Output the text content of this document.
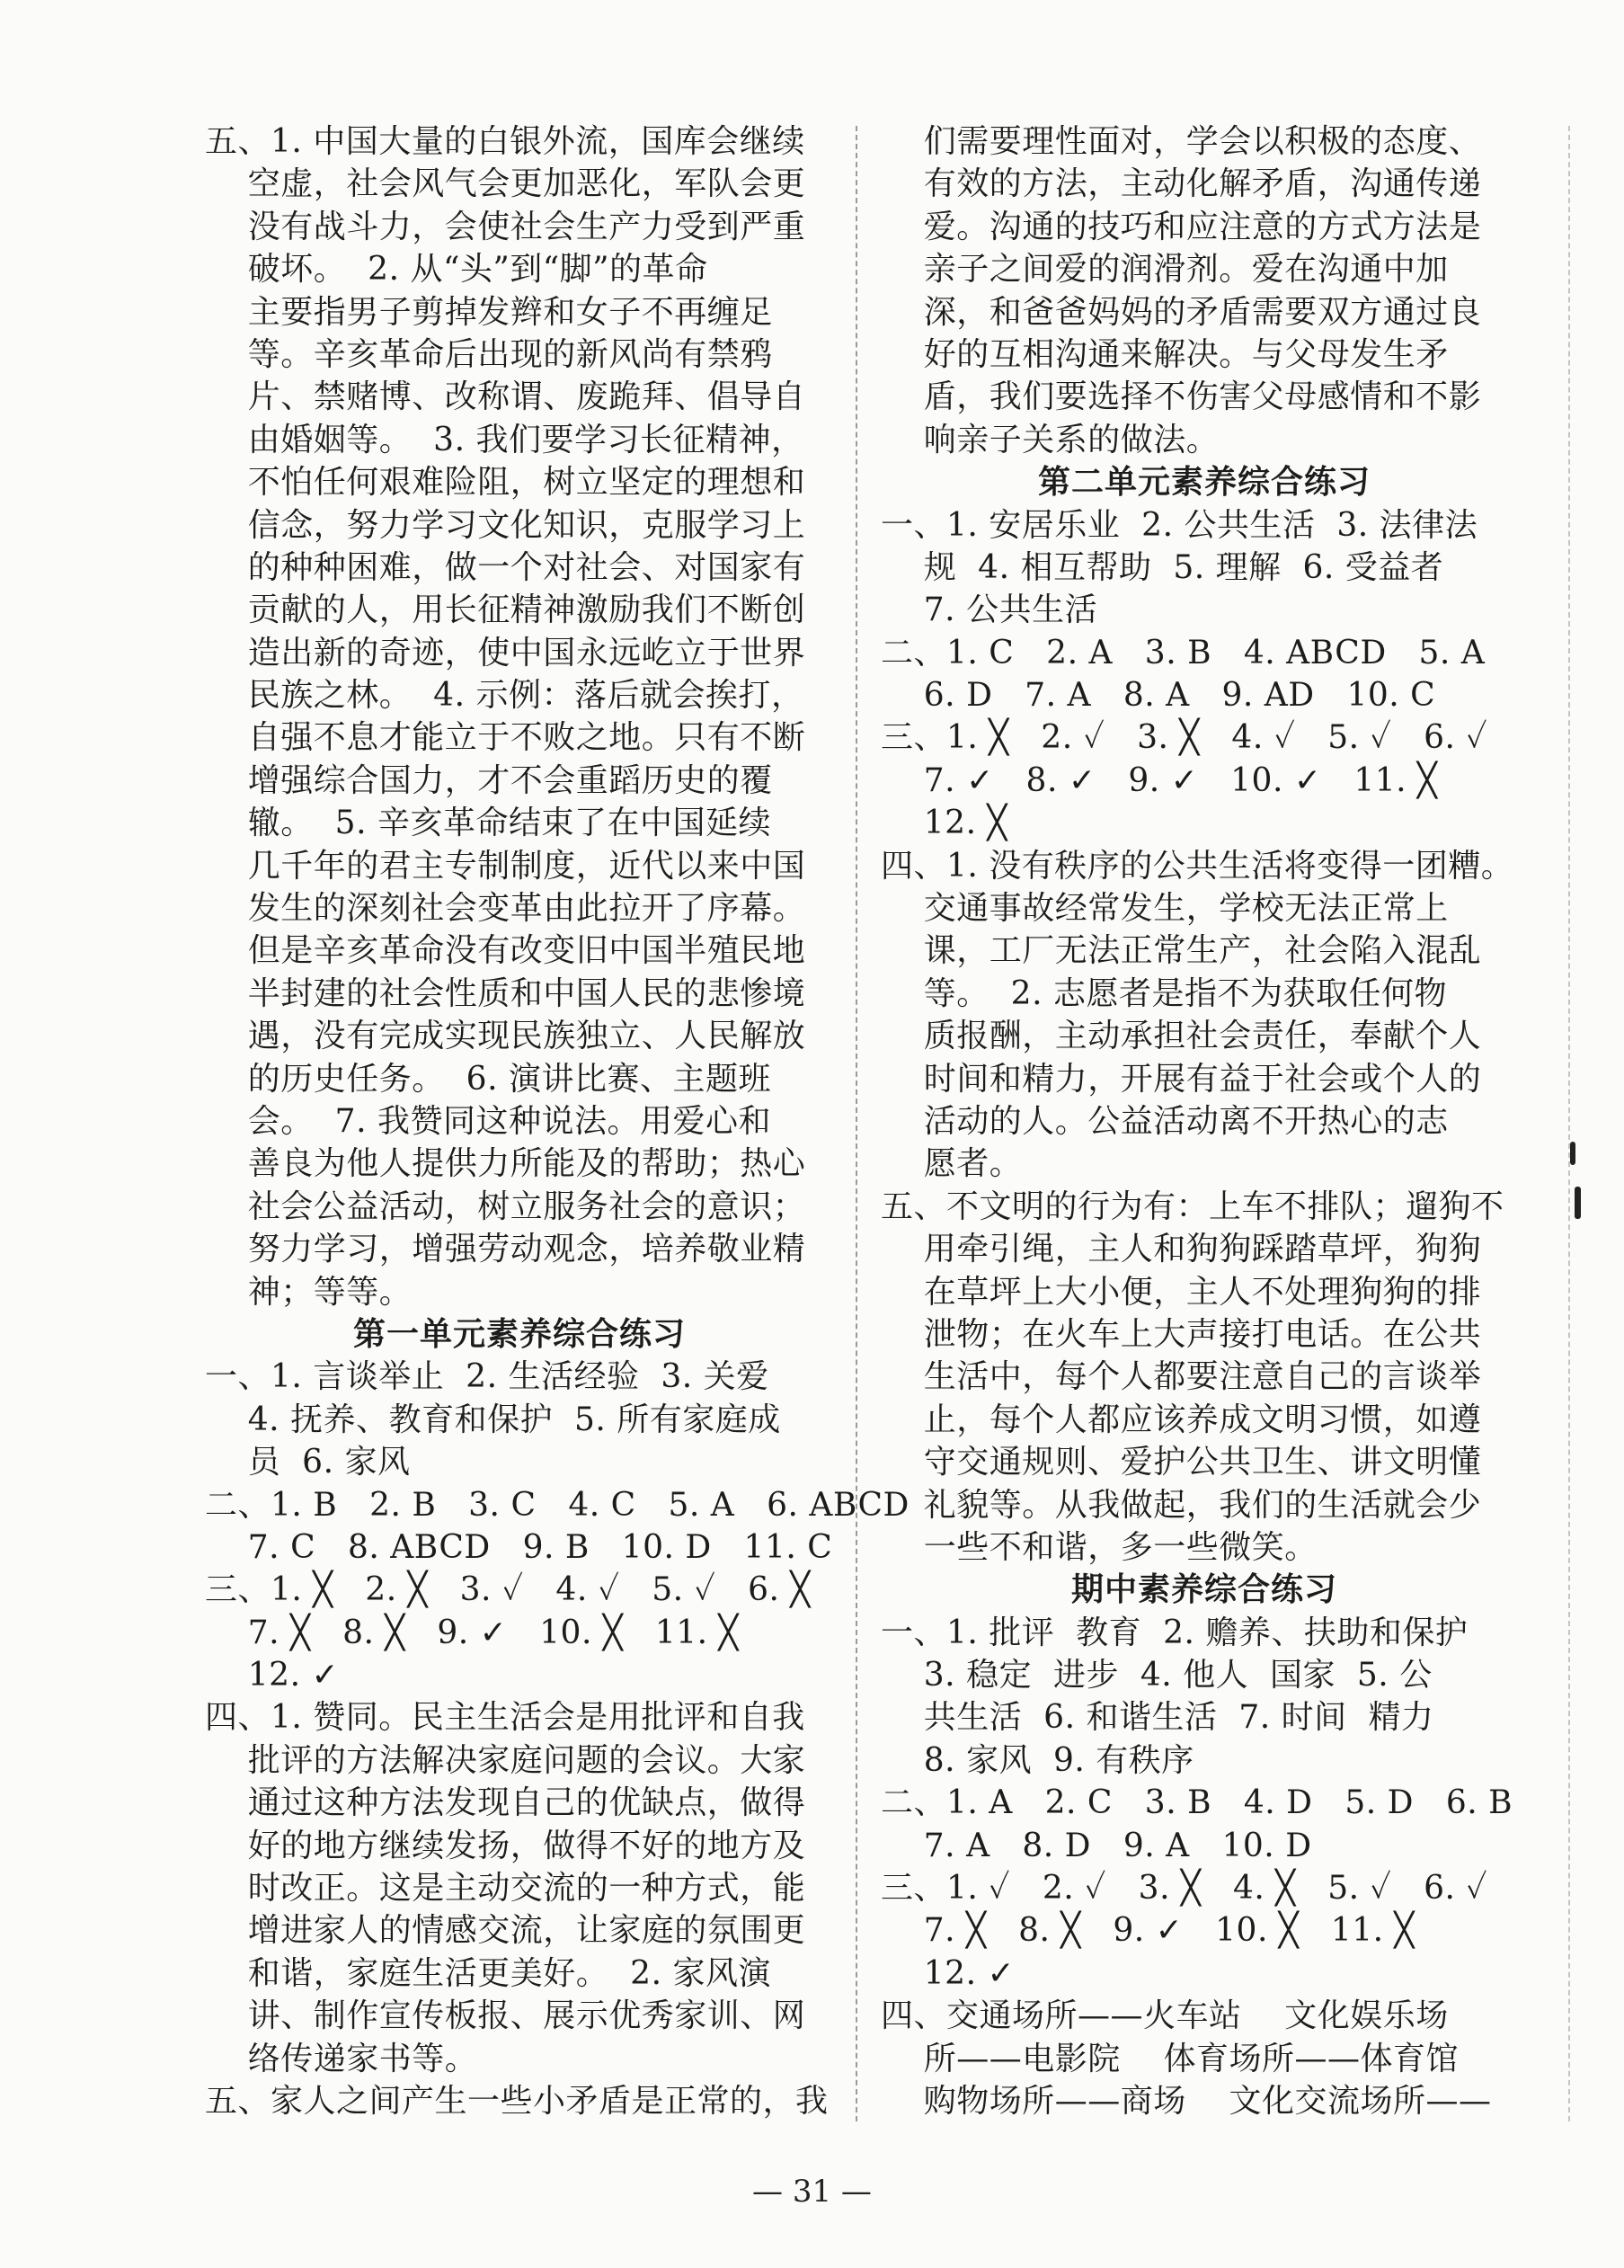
五、1. 中国大量的白银外流，国库会继续
空虚，社会风气会更加恶化，军队会更
没有战斗力，会使社会生产力受到严重
破坏。  2. 从“头”到“脚”的革命
主要指男子剪掉发辫和女子不再缠足
等。辛亥革命后出现的新风尚有禁鸦
片、禁赌博、改称谓、废跪拜、倡导自
由婚姻等。  3. 我们要学习长征精神，
不怕任何艰难险阻，树立坚定的理想和
信念，努力学习文化知识，克服学习上
的种种困难，做一个对社会、对国家有
贡献的人，用长征精神激励我们不断创
造出新的奇迹，使中国永远屹立于世界
民族之林。  4. 示例：落后就会挨打，
自强不息才能立于不败之地。只有不断
增强综合国力，才不会重蹈历史的覆
辙。  5. 辛亥革命结束了在中国延续
几千年的君主专制制度，近代以来中国
发生的深刻社会变革由此拉开了序幕。
但是辛亥革命没有改变旧中国半殖民地
半封建的社会性质和中国人民的悲惨境
遇，没有完成实现民族独立、人民解放
的历史任务。  6. 演讲比赛、主题班
会。  7. 我赞同这种说法。用爱心和
善良为他人提供力所能及的帮助；热心
社会公益活动，树立服务社会的意识；
努力学习，增强劳动观念，培养敬业精
神；等等。
第一单元素养综合练习
一、1. 言谈举止  2. 生活经验  3. 关爱
4. 抚养、教育和保护  5. 所有家庭成
员  6. 家风
二、1. B   2. B   3. C   4. C   5. A   6. ABCD
7. C   8. ABCD   9. B   10. D   11. C
三、1. ╳   2. ╳   3. ✓   4. ✓   5. ✓   6. ╳
7. ╳   8. ╳   9. ✓   10. ╳   11. ╳
12. ✓
四、1. 赞同。民主生活会是用批评和自我
批评的方法解决家庭问题的会议。大家
通过这种方法发现自己的优缺点，做得
好的地方继续发扬，做得不好的地方及
时改正。这是主动交流的一种方式，能
增进家人的情感交流，让家庭的氛围更
和谐，家庭生活更美好。  2. 家风演
讲、制作宣传板报、展示优秀家训、网
络传递家书等。
五、家人之间产生一些小矛盾是正常的，我
们需要理性面对，学会以积极的态度、
有效的方法，主动化解矛盾，沟通传递
爱。沟通的技巧和应注意的方式方法是
亲子之间爱的润滑剂。爱在沟通中加
深，和爸爸妈妈的矛盾需要双方通过良
好的互相沟通来解决。与父母发生矛
盾，我们要选择不伤害父母感情和不影
响亲子关系的做法。
第二单元素养综合练习
一、1. 安居乐业  2. 公共生活  3. 法律法
规  4. 相互帮助  5. 理解  6. 受益者
7. 公共生活
二、1. C   2. A   3. B   4. ABCD   5. A
6. D   7. A   8. A   9. AD   10. C
三、1. ╳   2. ✓   3. ╳   4. ✓   5. ✓   6. ✓
7. ✓   8. ✓   9. ✓   10. ✓   11. ╳
12. ╳
四、1. 没有秩序的公共生活将变得一团糟。
交通事故经常发生，学校无法正常上
课，工厂无法正常生产，社会陷入混乱
等。  2. 志愿者是指不为获取任何物
质报酬，主动承担社会责任，奉献个人
时间和精力，开展有益于社会或个人的
活动的人。公益活动离不开热心的志
愿者。
五、不文明的行为有：上车不排队；遛狗不
用牵引绳，主人和狗狗踩踏草坪，狗狗
在草坪上大小便，主人不处理狗狗的排
泄物；在火车上大声接打电话。在公共
生活中，每个人都要注意自己的言谈举
止，每个人都应该养成文明习惯，如遵
守交通规则、爱护公共卫生、讲文明懂
礼貌等。从我做起，我们的生活就会少
一些不和谐，多一些微笑。
期中素养综合练习
一、1. 批评  教育  2. 赡养、扶助和保护
3. 稳定  进步  4. 他人  国家  5. 公
共生活  6. 和谐生活  7. 时间  精力
8. 家风  9. 有秩序
二、1. A   2. C   3. B   4. D   5. D   6. B
7. A   8. D   9. A   10. D
三、1. ✓   2. ✓   3. ╳   4. ╳   5. ✓   6. ✓
7. ╳   8. ╳   9. ✓   10. ╳   11. ╳
12. ✓
四、交通场所——火车站    文化娱乐场
所——电影院    体育场所——体育馆
购物场所——商场    文化交流场所——
— 31 —
